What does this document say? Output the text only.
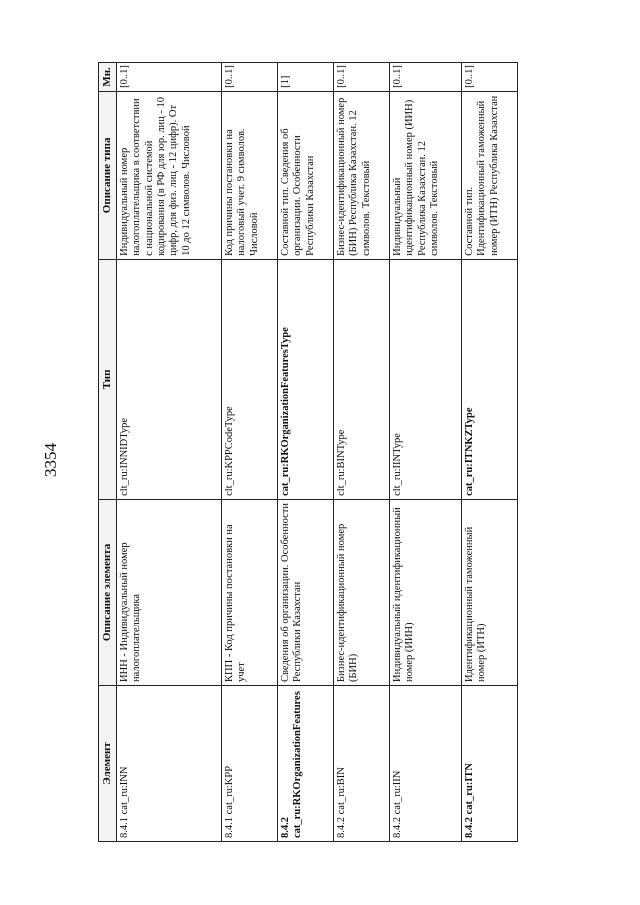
3354
Элемент	Описание элемента	Тип	Описание типа	Мн.
8.4.1 cat_ru:INN	ИНН - Индивидуальный номер налогоплательщика	clt_ru:INNIDType	Индивидуальный номер налогоплательщика в соответствии с национальной системой кодирования (в РФ для юр. лиц - 10 цифр, для физ. лиц - 12 цифр). От 10 до 12 символов. Числовой	[0..1]
8.4.1 cat_ru:KPP	КПП - Код причины постановки на учет	clt_ru:KPPCodeType	Код причины постановки на налоговый учет. 9 символов. Числовой	[0..1]
8.4.2 cat_ru:RKOrganizationFeatures	Сведения об организации. Особенности Республики Казахстан	cat_ru:RKOrganizationFeaturesType	Составной тип. Сведения об организации. Особенности Республики Казахстан	[1]
8.4.2 cat_ru:BIN	Бизнес-идентификационный номер (БИН)	clt_ru:BINType	Бизнес-идентификационный номер (БИН) Республика Казахстан. 12 символов. Текстовый	[0..1]
8.4.2 cat_ru:IIN	Индивидуальный идентификационный номер (ИИН)	clt_ru:IINType	Индивидуальный идентификационный номер (ИИН) Республика Казахстан. 12 символов. Текстовый	[0..1]
8.4.2 cat_ru:ITN	Идентификационный таможенный номер (ИТН)	cat_ru:ITNKZType	Составной тип. Идентификационный таможенный номер (ИТН) Республика Казахстан	[0..1]
